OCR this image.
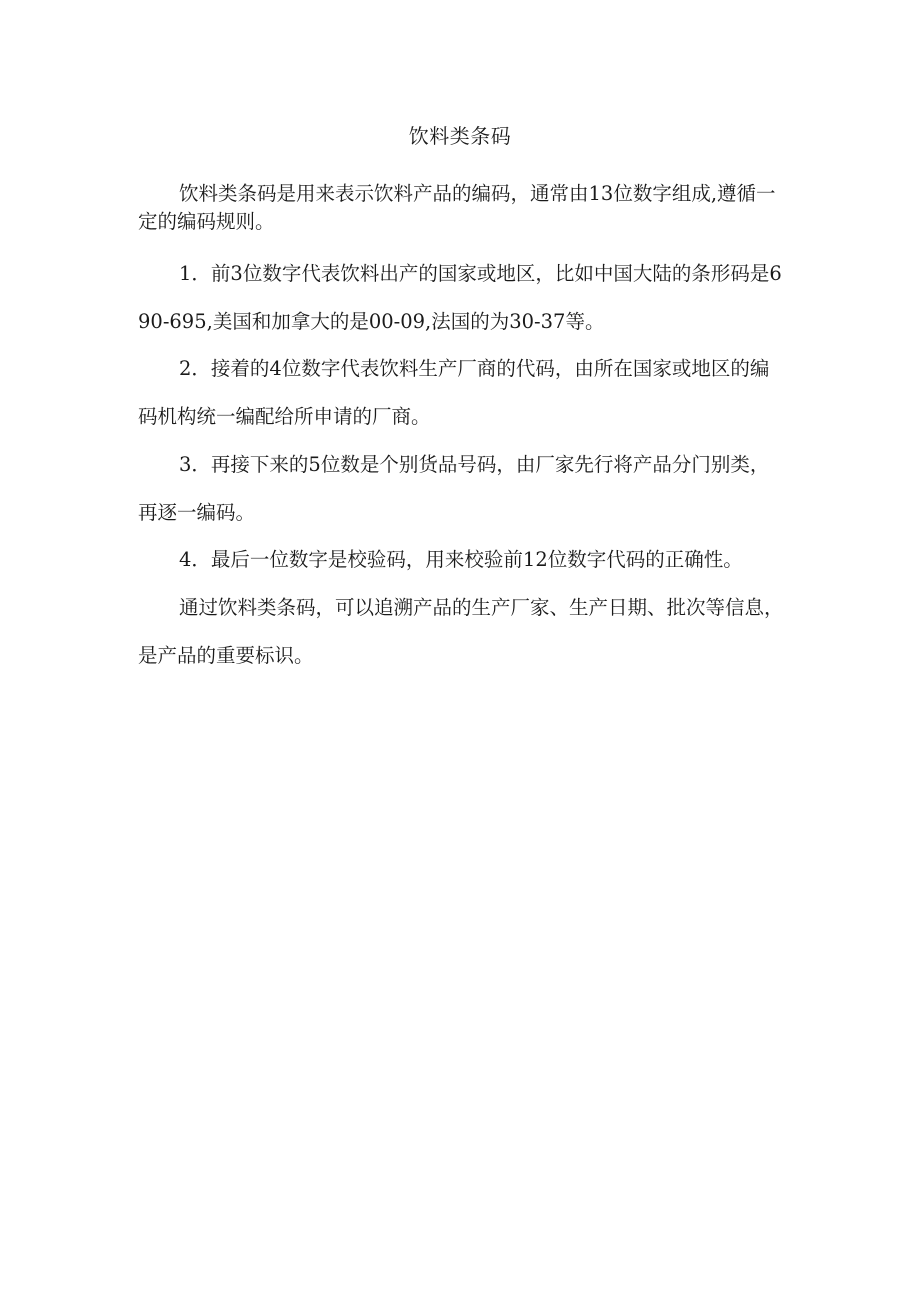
饮料类条码

饮料类条码是用来表示饮料产品的编码，通常由13位数字组成,遵循一定的编码规则。

1．前3位数字代表饮料出产的国家或地区，比如中国大陆的条形码是690-695,美国和加拿大的是00-09,法国的为30-37等。

2．接着的4位数字代表饮料生产厂商的代码，由所在国家或地区的编码机构统一编配给所申请的厂商。

3．再接下来的5位数是个别货品号码，由厂家先行将产品分门别类，再逐一编码。

4．最后一位数字是校验码，用来校验前12位数字代码的正确性。

通过饮料类条码，可以追溯产品的生产厂家、生产日期、批次等信息，是产品的重要标识。
